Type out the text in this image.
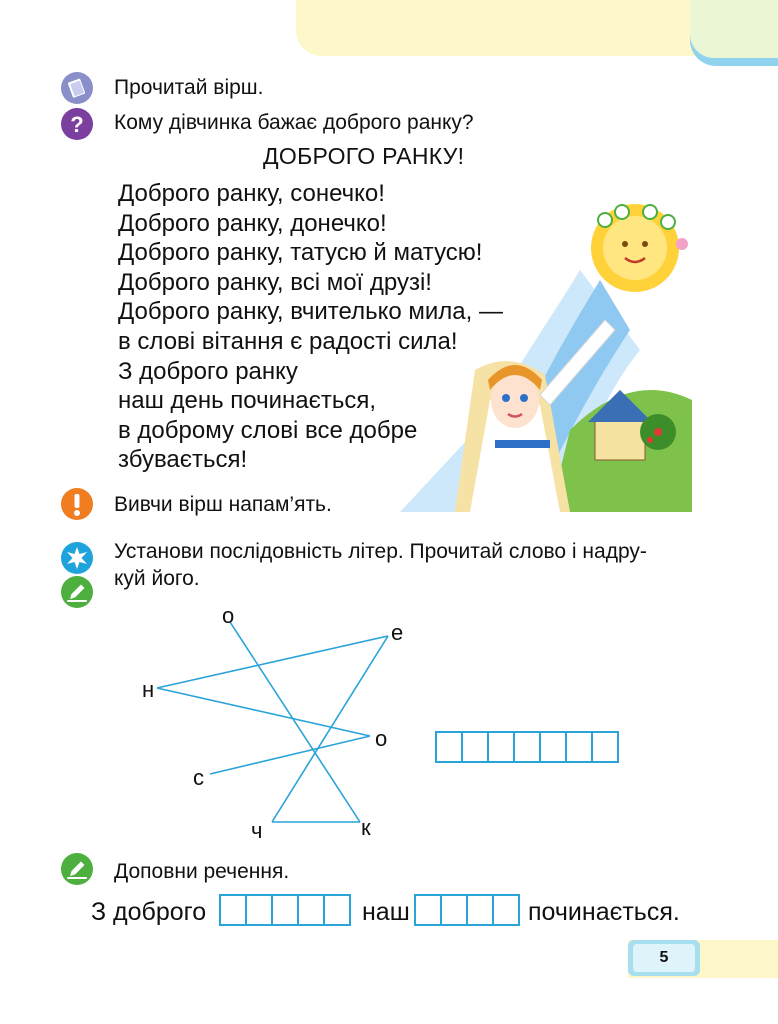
Прочитай вірш.
? Кому дівчинка бажає доброго ранку?
ДОБРОГО РАНКУ!
Доброго ранку, сонечко!
Доброго ранку, донечко!
Доброго ранку, татусю й матусю!
Доброго ранку, всі мої друзі!
Доброго ранку, вчителько мила, —
в слові вітання є радості сила!
З доброго ранку
наш день починається,
в доброму слові все добре
збувається!
Вивчи вірш напам’ять.
Установи послідовність літер. Прочитай слово і надру-
куй його.
о
е
н
о
с
ч	к
Доповни речення.
З доброго	наш	починається.
5
